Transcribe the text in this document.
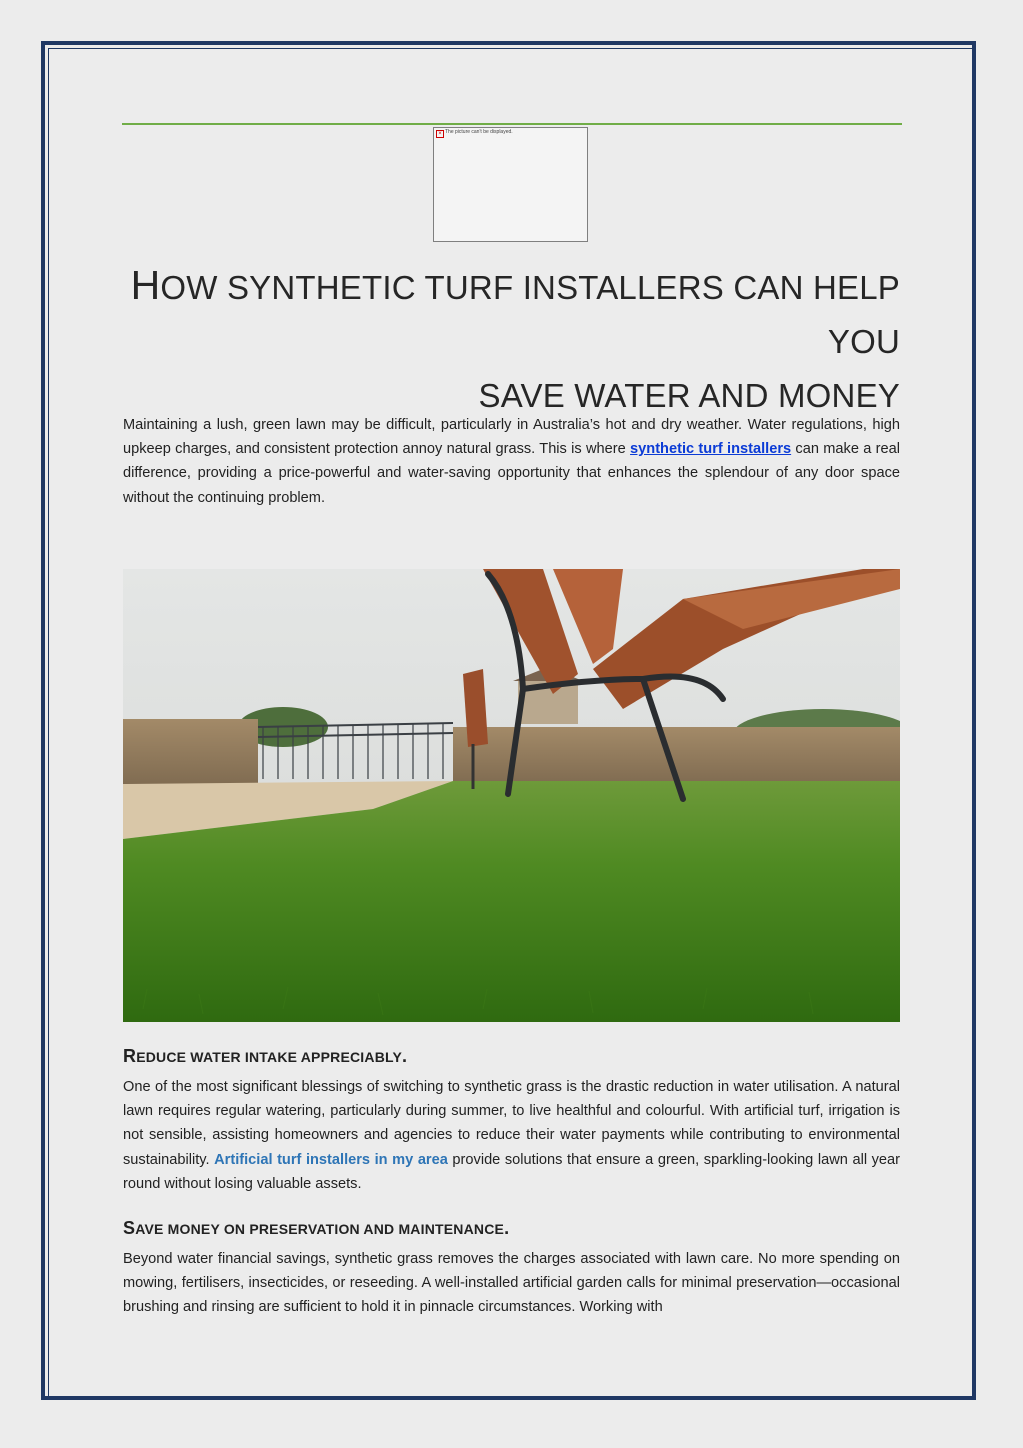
× The picture can't be displayed.
HOW SYNTHETIC TURF INSTALLERS CAN HELP YOU
SAVE WATER AND MONEY

Maintaining a lush, green lawn may be difficult, particularly in Australia’s hot and dry weather. Water regulations, high upkeep charges, and consistent protection annoy natural grass. This is where synthetic turf installers can make a real difference, providing a price-powerful and water-saving opportunity that enhances the splendour of any door space without the continuing problem.

REDUCE WATER INTAKE APPRECIABLY.

One of the most significant blessings of switching to synthetic grass is the drastic reduction in water utilisation. A natural lawn requires regular watering, particularly during summer, to live healthful and colourful. With artificial turf, irrigation is not sensible, assisting homeowners and agencies to reduce their water payments while contributing to environmental sustainability. Artificial turf installers in my area provide solutions that ensure a green, sparkling-looking lawn all year round without losing valuable assets.

SAVE MONEY ON PRESERVATION AND MAINTENANCE.

Beyond water financial savings, synthetic grass removes the charges associated with lawn care. No more spending on mowing, fertilisers, insecticides, or reseeding. A well-installed artificial garden calls for minimal preservation—occasional brushing and rinsing are sufficient to hold it in pinnacle circumstances. Working with
